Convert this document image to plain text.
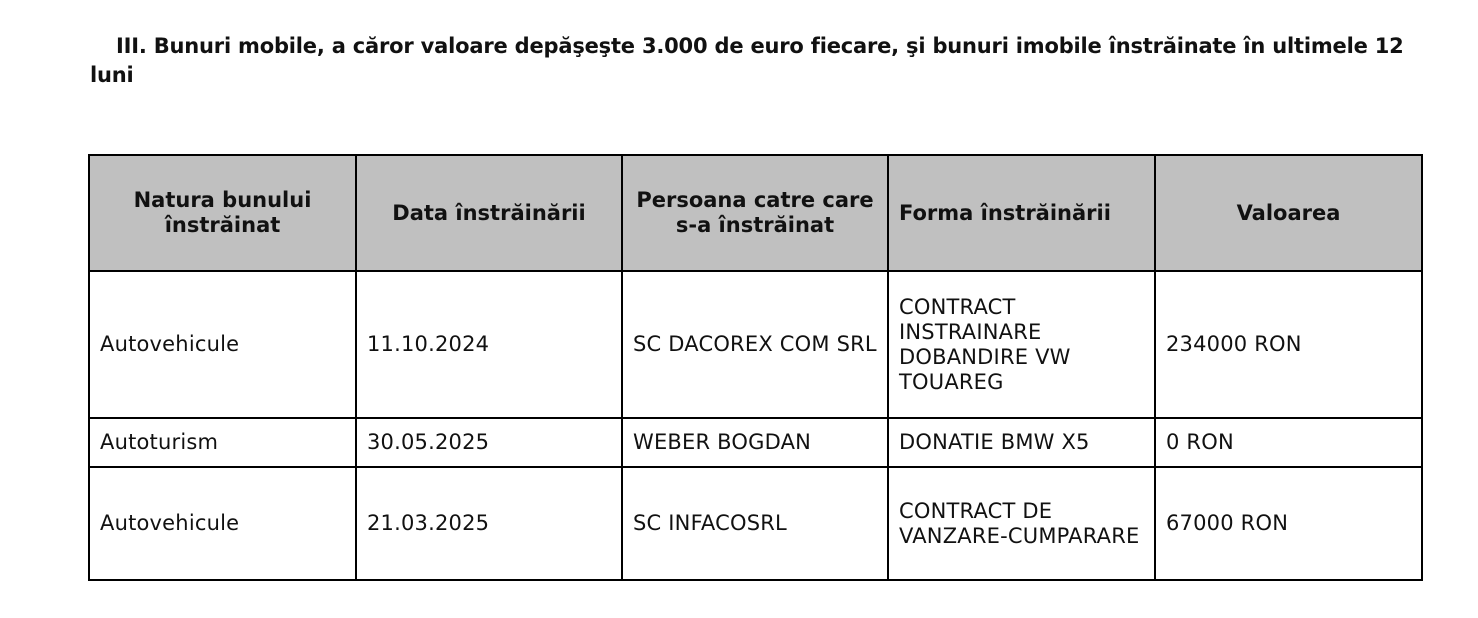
III. Bunuri mobile, a căror valoare depăşeşte 3.000 de euro fiecare, şi bunuri imobile înstrăinate în ultimele 12 luni

Natura bunului înstrăinat	Data înstrăinării	Persoana catre care s-a înstrăinat	Forma înstrăinării	Valoarea
Autovehicule	11.10.2024	SC DACOREX COM SRL	CONTRACT INSTRAINARE DOBANDIRE VW TOUAREG	234000 RON
Autoturism	30.05.2025	WEBER BOGDAN	DONATIE BMW X5	0 RON
Autovehicule	21.03.2025	SC INFACOSRL	CONTRACT DE VANZARE-CUMPARARE	67000 RON
